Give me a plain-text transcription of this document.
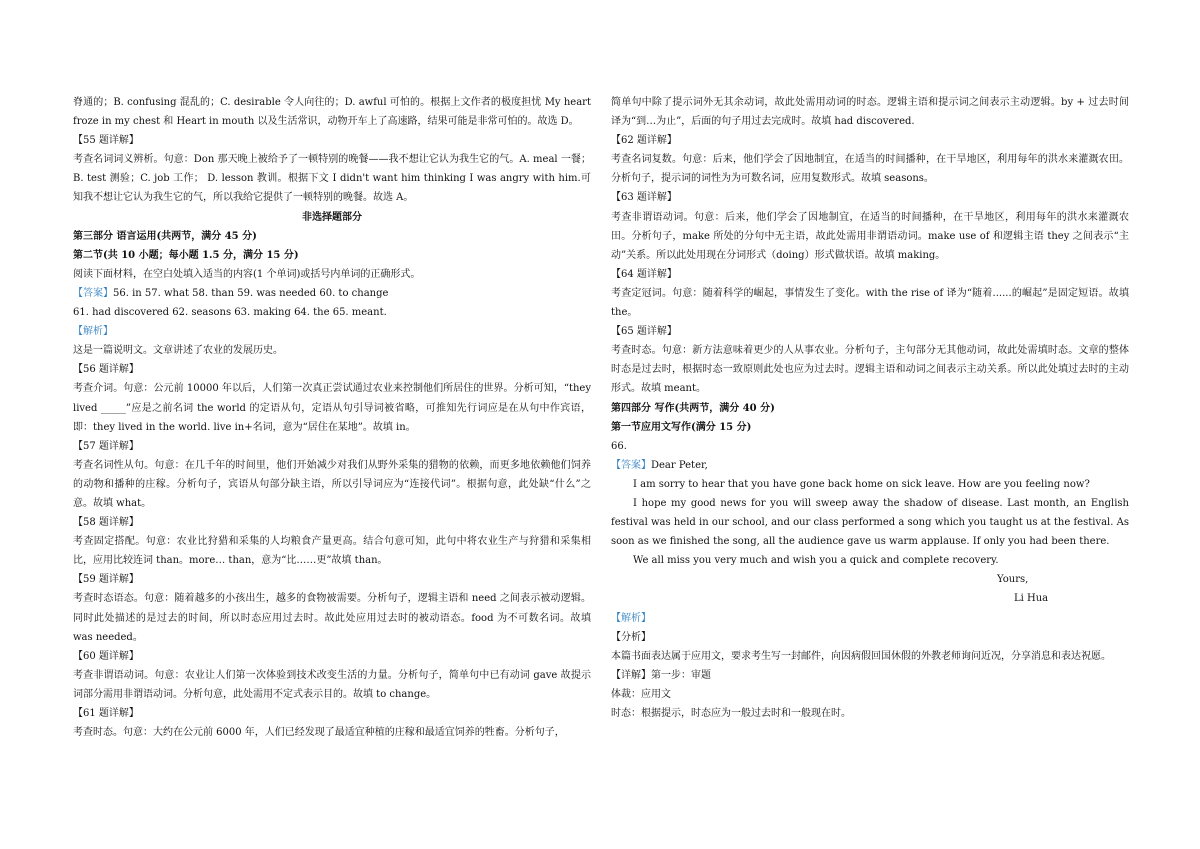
脊通的；B. confusing 混乱的；C. desirable 令人向往的；D. awful 可怕的。根据上文作者的极度担忧 My heart froze in my chest 和 Heart in mouth 以及生活常识，动物开车上了高速路，结果可能是非常可怕的。故选 D。

【55 题详解】

考查名词词义辨析。句意：Don 那天晚上被给予了一顿特别的晚餐——我不想让它认为我生它的气。A. meal 一餐；B. test 测验；C. job 工作； D. lesson 教训。根据下文 I didn't want him thinking I was angry with him.可知我不想让它认为我生它的气，所以我给它提供了一顿特别的晚餐。故选 A。

非选择题部分

第三部分 语言运用(共两节，满分 45 分)

第二节(共 10 小题；每小题 1.5 分，满分 15 分)

阅读下面材料，在空白处填入适当的内容(1 个单词)或括号内单词的正确形式。

【答案】56. in 57. what 58. than 59. was needed 60. to change

61. had discovered 62. seasons 63. making 64. the 65. meant.

【解析】

这是一篇说明文。文章讲述了农业的发展历史。

【56 题详解】

考查介词。句意：公元前 10000 年以后，人们第一次真正尝试通过农业来控制他们所居住的世界。分析可知，“they lived _____”应是之前名词 the world 的定语从句，定语从句引导词被省略，可推知先行词应是在从句中作宾语，即：they lived in the world. live in+名词，意为“居住在某地”。故填 in。

【57 题详解】

考查名词性从句。句意：在几千年的时间里，他们开始减少对我们从野外采集的猎物的依赖，而更多地依赖他们饲养的动物和播种的庄稼。分析句子，宾语从句部分缺主语，所以引导词应为“连接代词”。根据句意，此处缺“什么”之意。故填 what。

【58 题详解】

考查固定搭配。句意：农业比狩猎和采集的人均粮食产量更高。结合句意可知，此句中将农业生产与狩猎和采集相比，应用比较连词 than。more… than，意为“比……更”故填 than。

【59 题详解】

考查时态语态。句意：随着越多的小孩出生，越多的食物被需要。分析句子，逻辑主语和 need 之间表示被动逻辑。同时此处描述的是过去的时间，所以时态应用过去时。故此处应用过去时的被动语态。food 为不可数名词。故填 was needed。

【60 题详解】

考查非谓语动词。句意：农业让人们第一次体验到技术改变生活的力量。分析句子，简单句中已有动词 gave 故提示词部分需用非谓语动词。分析句意，此处需用不定式表示目的。故填 to change。

【61 题详解】

考查时态。句意：大约在公元前 6000 年，人们已经发现了最适宜种植的庄稼和最适宜饲养的牲畜。分析句子，

简单句中除了提示词外无其余动词，故此处需用动词的时态。逻辑主语和提示词之间表示主动逻辑。by + 过去时间 译为“到…为止”，后面的句子用过去完成时。故填 had discovered.

【62 题详解】

考查名词复数。句意：后来，他们学会了因地制宜，在适当的时间播种，在干旱地区，利用每年的洪水来灌溉农田。分析句子，提示词的词性为为可数名词，应用复数形式。故填 seasons。

【63 题详解】

考查非谓语动词。句意：后来，他们学会了因地制宜，在适当的时间播种，在干旱地区，利用每年的洪水来灌溉农田。分析句子，make 所处的分句中无主语，故此处需用非谓语动词。make use of 和逻辑主语 they 之间表示“主动”关系。所以此处用现在分词形式（doing）形式做状语。故填 making。

【64 题详解】

考查定冠词。句意：随着科学的崛起，事情发生了变化。with the rise of 译为“随着......的崛起”是固定短语。故填 the。

【65 题详解】

考查时态。句意：新方法意味着更少的人从事农业。分析句子，主句部分无其他动词，故此处需填时态。文章的整体时态是过去时，根据时态一致原则此处也应为过去时。逻辑主语和动词之间表示主动关系。所以此处填过去时的主动形式。故填 meant。

第四部分 写作(共两节，满分 40 分)

第一节应用文写作(满分 15 分)

66.

【答案】Dear Peter,

I am sorry to hear that you have gone back home on sick leave. How are you feeling now?

I hope my good news for you will sweep away the shadow of disease. Last month, an English festival was held in our school, and our class performed a song which you taught us at the festival. As soon as we finished the song, all the audience gave us warm applause. If only you had been there.

We all miss you very much and wish you a quick and complete recovery.

Yours,

Li Hua

【解析】

【分析】

本篇书面表达属于应用文，要求考生写一封邮件，向因病假回国休假的外教老师询问近况，分享消息和表达祝愿。

【详解】第一步：审题

体裁：应用文

时态：根据提示，时态应为一般过去时和一般现在时。
